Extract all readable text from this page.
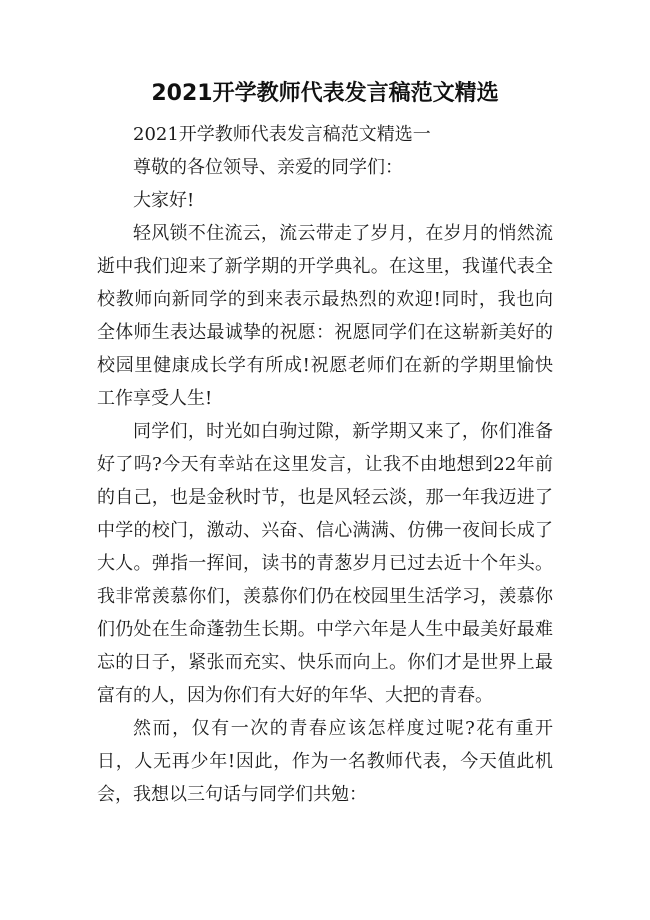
2021开学教师代表发言稿范文精选

2021开学教师代表发言稿范文精选一

尊敬的各位领导、亲爱的同学们：

大家好!

轻风锁不住流云，流云带走了岁月，在岁月的悄然流逝中我们迎来了新学期的开学典礼。在这里，我谨代表全校教师向新同学的到来表示最热烈的欢迎!同时，我也向全体师生表达最诚挚的祝愿：祝愿同学们在这崭新美好的校园里健康成长学有所成!祝愿老师们在新的学期里愉快工作享受人生!

同学们，时光如白驹过隙，新学期又来了，你们准备好了吗?今天有幸站在这里发言，让我不由地想到22年前的自己，也是金秋时节，也是风轻云淡，那一年我迈进了中学的校门，激动、兴奋、信心满满、仿佛一夜间长成了大人。弹指一挥间，读书的青葱岁月已过去近十个年头。我非常羡慕你们，羡慕你们仍在校园里生活学习，羡慕你们仍处在生命蓬勃生长期。中学六年是人生中最美好最难忘的日子，紧张而充实、快乐而向上。你们才是世界上最富有的人，因为你们有大好的年华、大把的青春。

然而，仅有一次的青春应该怎样度过呢?花有重开日，人无再少年!因此，作为一名教师代表，今天值此机会，我想以三句话与同学们共勉：
